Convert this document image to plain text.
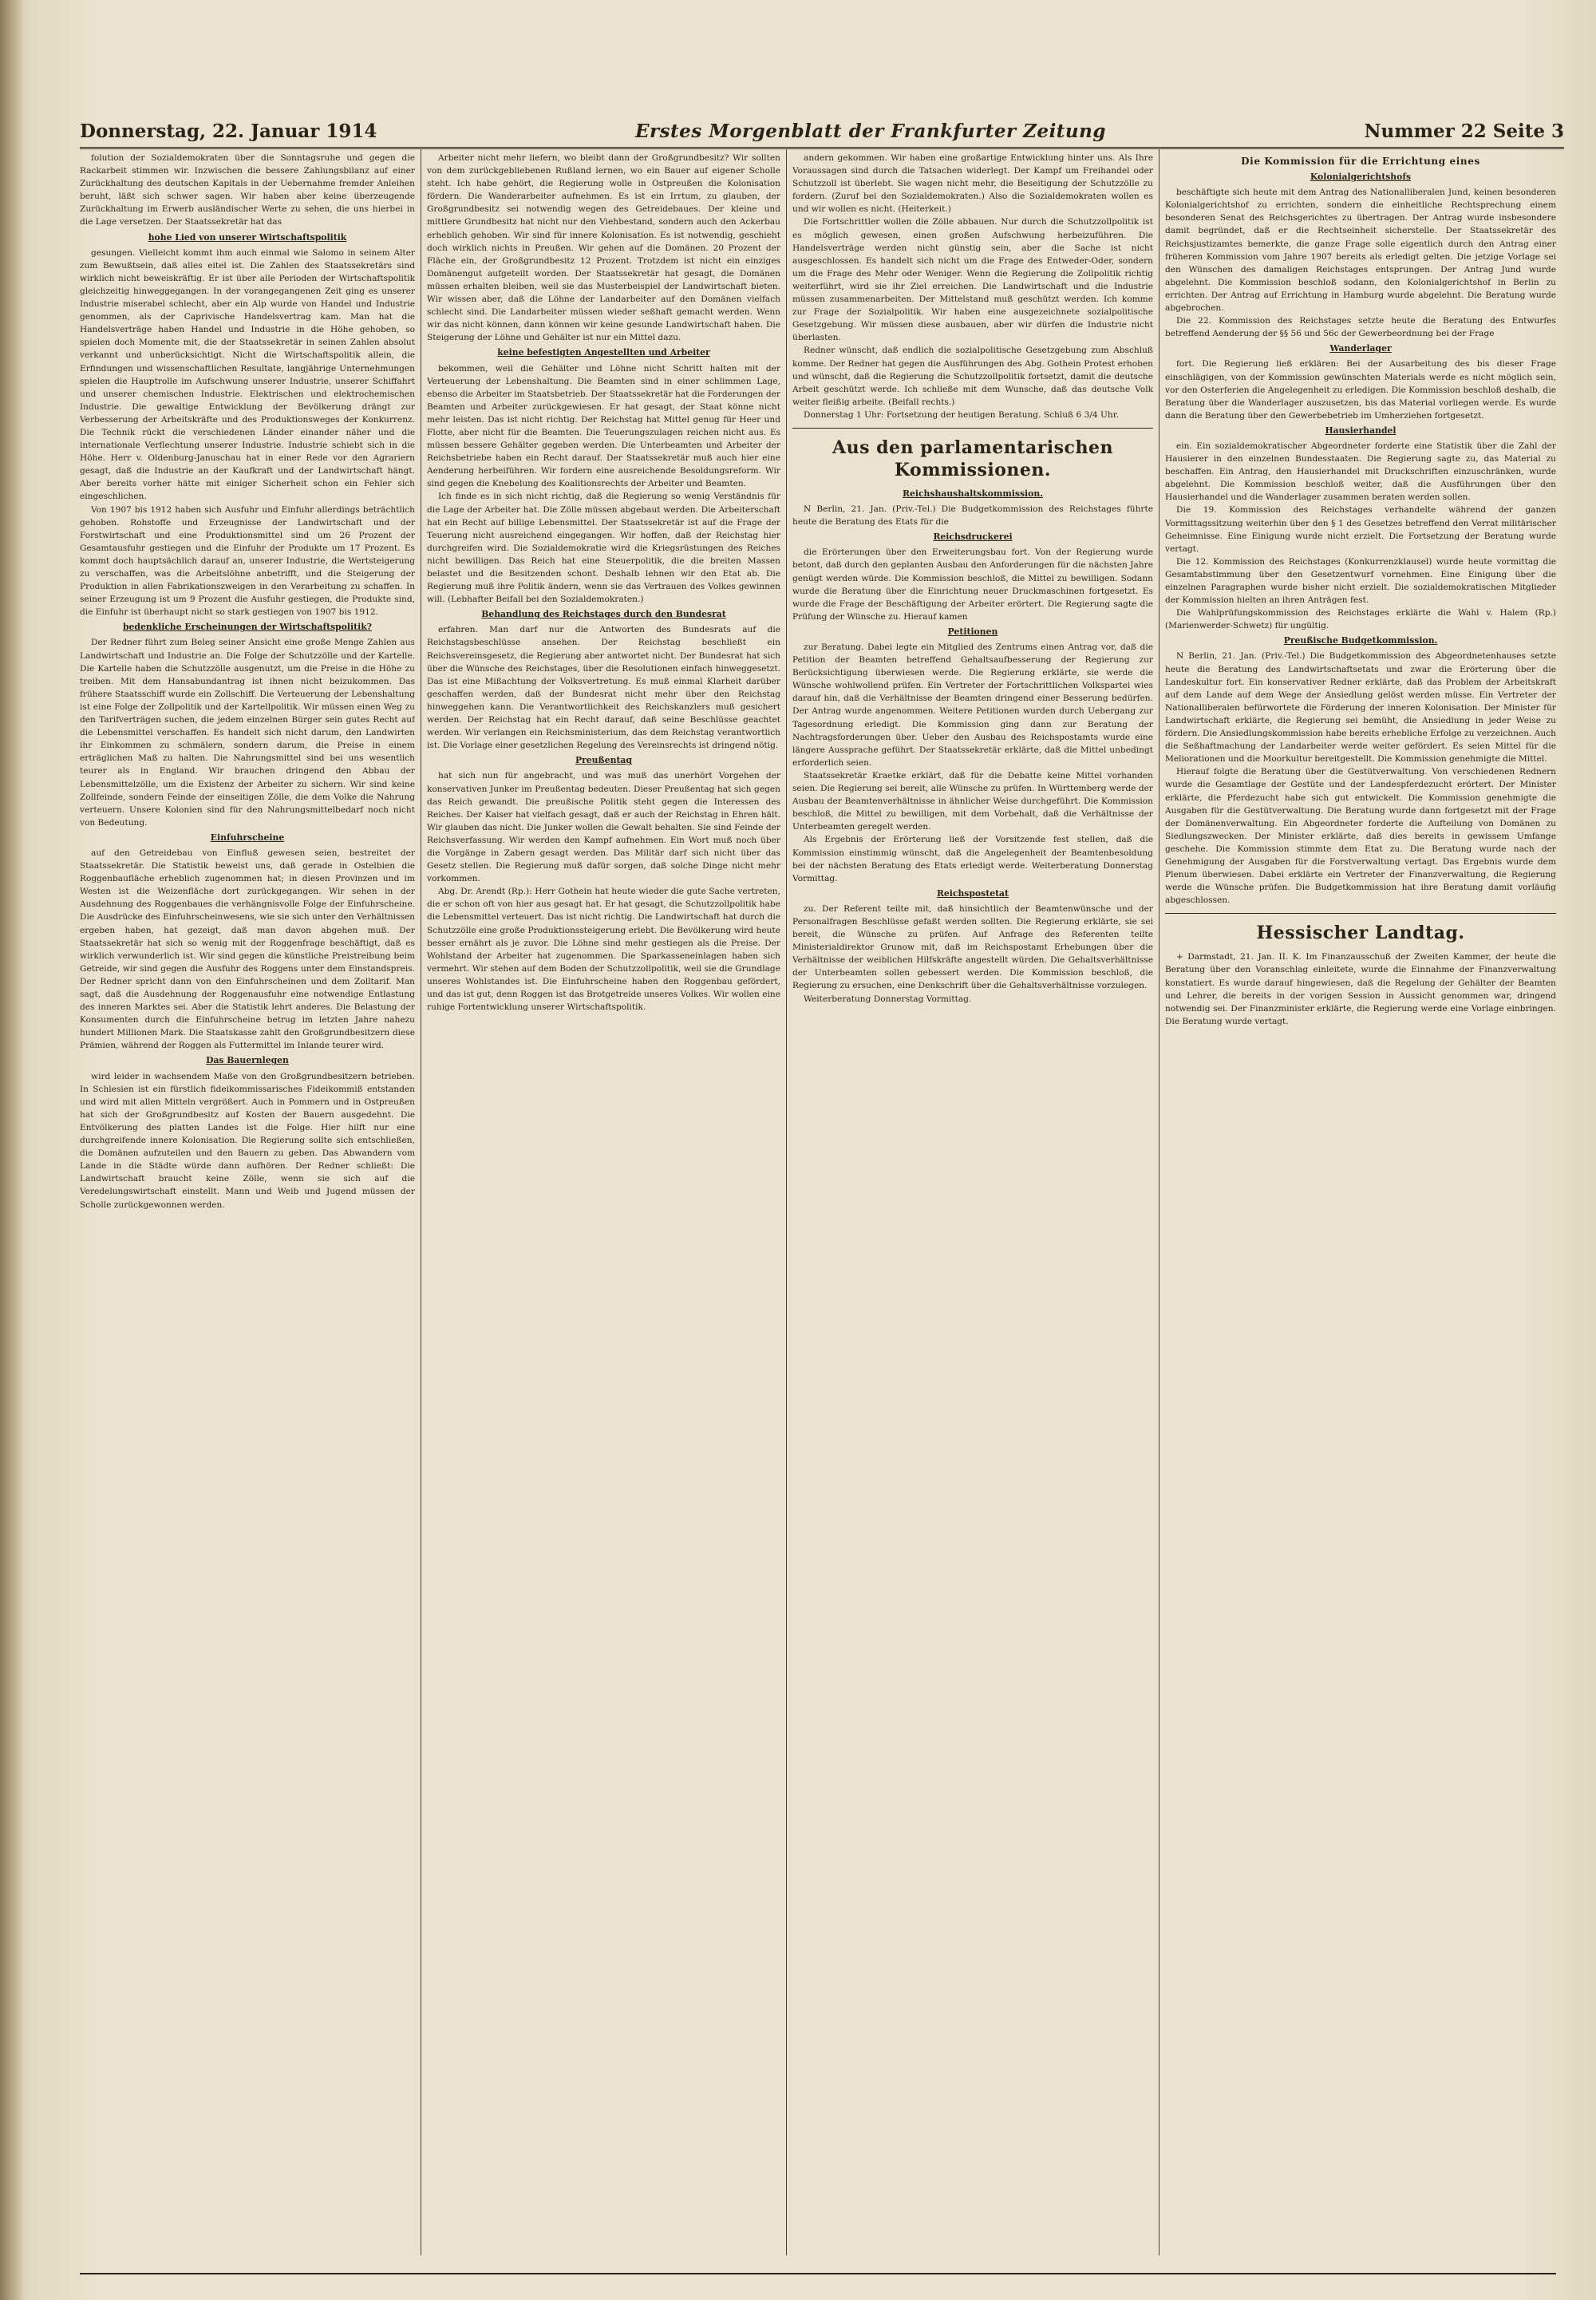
Donnerstag, 22. Januar 1914	Erstes Morgenblatt der Frankfurter Zeitung	Nummer 22 Seite 3

folution der Sozialdemokraten über die Sonntagsruhe und gegen die Rackarbeit stimmen wir. Inzwischen die bessere Zahlungsbilanz auf einer Zurückhaltung des deutschen Kapitals in der Uebernahme fremder Anleihen beruht, läßt sich schwer sagen. Wir haben aber keine überzeugende Zurückhaltung im Erwerb ausländischer Werte zu sehen, die uns hierbei in die Lage versetzen. Der Staatssekretär hat das

hohe Lied von unserer Wirtschaftspolitik

gesungen. Vielleicht kommt ihm auch einmal wie Salomo in seinem Alter zum Bewußtsein, daß alles eitel ist. Die Zahlen des Staatssekretärs sind wirklich nicht beweiskräftig. Er ist über alle Perioden der Wirtschaftspolitik gleichzeitig hinweggegangen. In der vorangegangenen Zeit ging es unserer Industrie miserabel schlecht, aber ein Alp wurde von Handel und Industrie genommen, als der Caprivische Handelsvertrag kam. Man hat die Handelsverträge haben Handel und Industrie in die Höhe gehoben, so spielen doch Momente mit, die der Staatssekretär in seinen Zahlen absolut verkannt und unberücksichtigt. Nicht die Wirtschaftspolitik allein, die Erfindungen und wissenschaftlichen Resultate, langjährige Unternehmungen spielen die Hauptrolle im Aufschwung unserer Industrie, unserer Schiffahrt und unserer chemischen Industrie. Elektrischen und elektrochemischen Industrie. Die gewaltige Entwicklung der Bevölkerung drängt zur Verbesserung der Arbeitskräfte und des Produktionsweges der Konkurrenz. Die Technik rückt die verschiedenen Länder einander näher und die internationale Verflechtung unserer Industrie. Industrie schiebt sich in die Höhe. Herr v. Oldenburg-Januschau hat in einer Rede vor den Agrariern gesagt, daß die Industrie an der Kaufkraft und der Landwirtschaft hängt. Aber bereits vorher hätte mit einiger Sicherheit schon ein Fehler sich eingeschlichen.

Von 1907 bis 1912 haben sich Ausfuhr und Einfuhr allerdings beträchtlich gehoben. Rohstoffe und Erzeugnisse der Landwirtschaft und der Forstwirtschaft und eine Produktionsmittel sind um 26 Prozent der Gesamtausfuhr gestiegen und die Einfuhr der Produkte um 17 Prozent. Es kommt doch hauptsächlich darauf an, unserer Industrie, die Wertsteigerung zu verschaffen, was die Arbeitslöhne anbetrifft, und die Steigerung der Produktion in allen Fabrikationszweigen in den Verarbeitung zu schaffen. In seiner Erzeugung ist um 9 Prozent die Ausfuhr gestiegen, die Produkte sind, die Einfuhr ist überhaupt nicht so stark gestiegen von 1907 bis 1912.

bedenkliche Erscheinungen der Wirtschaftspolitik?

Der Redner führt zum Beleg seiner Ansicht eine große Menge Zahlen aus Landwirtschaft und Industrie an. Die Folge der Schutzzölle und der Kartelle. Die Kartelle haben die Schutzzölle ausgenutzt, um die Preise in die Höhe zu treiben. Mit dem Hansabundantrag ist ihnen nicht beizukommen. Das frühere Staatsschiff wurde ein Zollschiff. Die Verteuerung der Lebenshaltung ist eine Folge der Zollpolitik und der Kartellpolitik. Wir müssen einen Weg zu den Tarifverträgen suchen, die jedem einzelnen Bürger sein gutes Recht auf die Lebensmittel verschaffen. Es handelt sich nicht darum, den Landwirten ihr Einkommen zu schmälern, sondern darum, die Preise in einem erträglichen Maß zu halten. Die Nahrungsmittel sind bei uns wesentlich teurer als in England. Wir brauchen dringend den Abbau der Lebensmittelzölle, um die Existenz der Arbeiter zu sichern. Wir sind keine Zollfeinde, sondern Feinde der einseitigen Zölle, die dem Volke die Nahrung verteuern. Unsere Kolonien sind für den Nahrungsmittelbedarf noch nicht von Bedeutung.

Einfuhrscheine

auf den Getreidebau von Einfluß gewesen seien, bestreitet der Staatssekretär. Die Statistik beweist uns, daß gerade in Ostelbien die Roggenbaufläche erheblich zugenommen hat; in diesen Provinzen und im Westen ist die Weizenfläche dort zurückgegangen. Wir sehen in der Ausdehnung des Roggenbaues die verhängnisvolle Folge der Einfuhrscheine. Die Ausdrücke des Einfuhrscheinwesens, wie sie sich unter den Verhältnissen ergeben haben, hat gezeigt, daß man davon abgehen muß. Der Staatssekretär hat sich so wenig mit der Roggenfrage beschäftigt, daß es wirklich verwunderlich ist. Wir sind gegen die künstliche Preistreibung beim Getreide, wir sind gegen die Ausfuhr des Roggens unter dem Einstandspreis. Der Redner spricht dann von den Einfuhrscheinen und dem Zolltarif. Man sagt, daß die Ausdehnung der Roggenausfuhr eine notwendige Entlastung des inneren Marktes sei. Aber die Statistik lehrt anderes. Die Belastung der Konsumenten durch die Einfuhrscheine betrug im letzten Jahre nahezu hundert Millionen Mark. Die Staatskasse zahlt den Großgrundbesitzern diese Prämien, während der Roggen als Futtermittel im Inlande teurer wird.

Das Bauernlegen

wird leider in wachsendem Maße von den Großgrundbesitzern betrieben. In Schlesien ist ein fürstlich fideikommissarisches Fideikommiß entstanden und wird mit allen Mitteln vergrößert. Auch in Pommern und in Ostpreußen hat sich der Großgrundbesitz auf Kosten der Bauern ausgedehnt. Die Entvölkerung des platten Landes ist die Folge. Hier hilft nur eine durchgreifende innere Kolonisation. Die Regierung sollte sich entschließen, die Domänen aufzuteilen und den Bauern zu geben. Das Abwandern vom Lande in die Städte würde dann aufhören. Der Redner schließt: Die Landwirtschaft braucht keine Zölle, wenn sie sich auf die Veredelungswirtschaft einstellt. Mann und Weib und Jugend müssen der Scholle zurückgewonnen werden.

Arbeiter nicht mehr liefern, wo bleibt dann der Großgrundbesitz? Wir sollten von dem zurückgebliebenen Rußland lernen, wo ein Bauer auf eigener Scholle steht. Ich habe gehört, die Regierung wolle in Ostpreußen die Kolonisation fördern. Die Wanderarbeiter aufnehmen. Es ist ein Irrtum, zu glauben, der Großgrundbesitz sei notwendig wegen des Getreidebaues. Der kleine und mittlere Grundbesitz hat nicht nur den Viehbestand, sondern auch den Ackerbau erheblich gehoben. Wir sind für innere Kolonisation. Es ist notwendig, geschieht doch wirklich nichts in Preußen. Wir gehen auf die Domänen. 20 Prozent der Fläche ein, der Großgrundbesitz 12 Prozent. Trotzdem ist nicht ein einziges Domänengut aufgeteilt worden. Der Staatssekretär hat gesagt, die Domänen müssen erhalten bleiben, weil sie das Musterbeispiel der Landwirtschaft bieten. Wir wissen aber, daß die Löhne der Landarbeiter auf den Domänen vielfach schlecht sind. Die Landarbeiter müssen wieder seßhaft gemacht werden. Wenn wir das nicht können, dann können wir keine gesunde Landwirtschaft haben. Die Steigerung der Löhne und Gehälter ist nur ein Mittel dazu.

keine befestigten Angestellten und Arbeiter

bekommen, weil die Gehälter und Löhne nicht Schritt halten mit der Verteuerung der Lebenshaltung. Die Beamten sind in einer schlimmen Lage, ebenso die Arbeiter im Staatsbetrieb. Der Staatssekretär hat die Forderungen der Beamten und Arbeiter zurückgewiesen. Er hat gesagt, der Staat könne nicht mehr leisten. Das ist nicht richtig. Der Reichstag hat Mittel genug für Heer und Flotte, aber nicht für die Beamten. Die Teuerungszulagen reichen nicht aus. Es müssen bessere Gehälter gegeben werden. Die Unterbeamten und Arbeiter der Reichsbetriebe haben ein Recht darauf. Der Staatssekretär muß auch hier eine Aenderung herbeiführen. Wir fordern eine ausreichende Besoldungsreform. Wir sind gegen die Knebelung des Koalitionsrechts der Arbeiter und Beamten.

Ich finde es in sich nicht richtig, daß die Regierung so wenig Verständnis für die Lage der Arbeiter hat. Die Zölle müssen abgebaut werden. Die Arbeiterschaft hat ein Recht auf billige Lebensmittel. Der Staatssekretär ist auf die Frage der Teuerung nicht ausreichend eingegangen. Wir hoffen, daß der Reichstag hier durchgreifen wird. Die Sozialdemokratie wird die Kriegsrüstungen des Reiches nicht bewilligen. Das Reich hat eine Steuerpolitik, die die breiten Massen belastet und die Besitzenden schont. Deshalb lehnen wir den Etat ab. Die Regierung muß ihre Politik ändern, wenn sie das Vertrauen des Volkes gewinnen will. (Lebhafter Beifall bei den Sozialdemokraten.)

Behandlung des Reichstages durch den Bundesrat

erfahren. Man darf nur die Antworten des Bundesrats auf die Reichstagsbeschlüsse ansehen. Der Reichstag beschließt ein Reichsvereinsgesetz, die Regierung aber antwortet nicht. Der Bundesrat hat sich über die Wünsche des Reichstages, über die Resolutionen einfach hinweggesetzt. Das ist eine Mißachtung der Volksvertretung. Es muß einmal Klarheit darüber geschaffen werden, daß der Bundesrat nicht mehr über den Reichstag hinweggehen kann. Die Verantwortlichkeit des Reichskanzlers muß gesichert werden. Der Reichstag hat ein Recht darauf, daß seine Beschlüsse geachtet werden. Wir verlangen ein Reichsministerium, das dem Reichstag verantwortlich ist. Die Vorlage einer gesetzlichen Regelung des Vereinsrechts ist dringend nötig.

Preußentag

hat sich nun für angebracht, und was muß das unerhört Vorgehen der konservativen Junker im Preußentag bedeuten. Dieser Preußentag hat sich gegen das Reich gewandt. Die preußische Politik steht gegen die Interessen des Reiches. Der Kaiser hat vielfach gesagt, daß er auch der Reichstag in Ehren hält. Wir glauben das nicht. Die Junker wollen die Gewalt behalten. Sie sind Feinde der Reichsverfassung. Wir werden den Kampf aufnehmen. Ein Wort muß noch über die Vorgänge in Zabern gesagt werden. Das Militär darf sich nicht über das Gesetz stellen. Die Regierung muß dafür sorgen, daß solche Dinge nicht mehr vorkommen.

Abg. Dr. Arendt (Rp.): Herr Gothein hat heute wieder die gute Sache vertreten, die er schon oft von hier aus gesagt hat. Er hat gesagt, die Schutzzollpolitik habe die Lebensmittel verteuert. Das ist nicht richtig. Die Landwirtschaft hat durch die Schutzzölle eine große Produktionssteigerung erlebt. Die Bevölkerung wird heute besser ernährt als je zuvor. Die Löhne sind mehr gestiegen als die Preise. Der Wohlstand der Arbeiter hat zugenommen. Die Sparkasseneinlagen haben sich vermehrt. Wir stehen auf dem Boden der Schutzzollpolitik, weil sie die Grundlage unseres Wohlstandes ist. Die Einfuhrscheine haben den Roggenbau gefördert, und das ist gut, denn Roggen ist das Brotgetreide unseres Volkes. Wir wollen eine ruhige Fortentwicklung unserer Wirtschaftspolitik.

andern gekommen. Wir haben eine großartige Entwicklung hinter uns. Als Ihre Voraussagen sind durch die Tatsachen widerlegt. Der Kampf um Freihandel oder Schutzzoll ist überlebt. Sie wagen nicht mehr, die Beseitigung der Schutzzölle zu fordern. (Zuruf bei den Sozialdemokraten.) Also die Sozialdemokraten wollen es und wir wollen es nicht. (Heiterkeit.)

Die Fortschrittler wollen die Zölle abbauen. Nur durch die Schutzzollpolitik ist es möglich gewesen, einen großen Aufschwung herbeizuführen. Die Handelsverträge werden nicht günstig sein, aber die Sache ist nicht ausgeschlossen. Es handelt sich nicht um die Frage des Entweder-Oder, sondern um die Frage des Mehr oder Weniger. Wenn die Regierung die Zollpolitik richtig weiterführt, wird sie ihr Ziel erreichen. Die Landwirtschaft und die Industrie müssen zusammenarbeiten. Der Mittelstand muß geschützt werden. Ich komme zur Frage der Sozialpolitik. Wir haben eine ausgezeichnete sozialpolitische Gesetzgebung. Wir müssen diese ausbauen, aber wir dürfen die Industrie nicht überlasten.

Redner wünscht, daß endlich die sozialpolitische Gesetzgebung zum Abschluß komme. Der Redner hat gegen die Ausführungen des Abg. Gothein Protest erhoben und wünscht, daß die Regierung die Schutzzollpolitik fortsetzt, damit die deutsche Arbeit geschützt werde. Ich schließe mit dem Wunsche, daß das deutsche Volk weiter fleißig arbeite. (Beifall rechts.)

Donnerstag 1 Uhr: Fortsetzung der heutigen Beratung. Schluß 6 3/4 Uhr.

Aus den parlamentarischen Kommissionen.
Reichshaushaltskommission.

N Berlin, 21. Jan. (Priv.-Tel.) Die Budgetkommission des Reichstages führte heute die Beratung des Etats für die

Reichsdruckerei

die Erörterungen über den Erweiterungsbau fort. Von der Regierung wurde betont, daß durch den geplanten Ausbau den Anforderungen für die nächsten Jahre genügt werden würde. Die Kommission beschloß, die Mittel zu bewilligen. Sodann wurde die Beratung über die Einrichtung neuer Druckmaschinen fortgesetzt. Es wurde die Frage der Beschäftigung der Arbeiter erörtert. Die Regierung sagte die Prüfung der Wünsche zu. Hierauf kamen

Petitionen

zur Beratung. Dabei legte ein Mitglied des Zentrums einen Antrag vor, daß die Petition der Beamten betreffend Gehaltsaufbesserung der Regierung zur Berücksichtigung überwiesen werde. Die Regierung erklärte, sie werde die Wünsche wohlwollend prüfen. Ein Vertreter der Fortschrittlichen Volkspartei wies darauf hin, daß die Verhältnisse der Beamten dringend einer Besserung bedürfen. Der Antrag wurde angenommen. Weitere Petitionen wurden durch Uebergang zur Tagesordnung erledigt. Die Kommission ging dann zur Beratung der Nachtragsforderungen über. Ueber den Ausbau des Reichspostamts wurde eine längere Aussprache geführt. Der Staatssekretär erklärte, daß die Mittel unbedingt erforderlich seien.

Staatssekretär Kraetke erklärt, daß für die Debatte keine Mittel vorhanden seien. Die Regierung sei bereit, alle Wünsche zu prüfen. In Württemberg werde der Ausbau der Beamtenverhältnisse in ähnlicher Weise durchgeführt. Die Kommission beschloß, die Mittel zu bewilligen, mit dem Vorbehalt, daß die Verhältnisse der Unterbeamten geregelt werden.

Als Ergebnis der Erörterung ließ der Vorsitzende fest stellen, daß die Kommission einstimmig wünscht, daß die Angelegenheit der Beamtenbesoldung bei der nächsten Beratung des Etats erledigt werde. Weiterberatung Donnerstag Vormittag.

Reichspostetat

zu. Der Referent teilte mit, daß hinsichtlich der Beamtenwünsche und der Personalfragen Beschlüsse gefaßt werden sollten. Die Regierung erklärte, sie sei bereit, die Wünsche zu prüfen. Auf Anfrage des Referenten teilte Ministerialdirektor Grunow mit, daß im Reichspostamt Erhebungen über die Verhältnisse der weiblichen Hilfskräfte angestellt würden. Die Gehaltsverhältnisse der Unterbeamten sollen gebessert werden. Die Kommission beschloß, die Regierung zu ersuchen, eine Denkschrift über die Gehaltsverhältnisse vorzulegen.

Weiterberatung Donnerstag Vormittag.

Die Kommission für die Errichtung eines
Kolonialgerichtshofs

beschäftigte sich heute mit dem Antrag des Nationalliberalen Jund, keinen besonderen Kolonialgerichtshof zu errichten, sondern die einheitliche Rechtsprechung einem besonderen Senat des Reichsgerichtes zu übertragen. Der Antrag wurde insbesondere damit begründet, daß er die Rechtseinheit sicherstelle. Der Staatssekretär des Reichsjustizamtes bemerkte, die ganze Frage solle eigentlich durch den Antrag einer früheren Kommission vom Jahre 1907 bereits als erledigt gelten. Die jetzige Vorlage sei den Wünschen des damaligen Reichstages entsprungen. Der Antrag Jund wurde abgelehnt. Die Kommission beschloß sodann, den Kolonialgerichtshof in Berlin zu errichten. Der Antrag auf Errichtung in Hamburg wurde abgelehnt. Die Beratung wurde abgebrochen.

Die 22. Kommission des Reichstages setzte heute die Beratung des Entwurfes betreffend Aenderung der §§ 56 und 56c der Gewerbeordnung bei der Frage

Wanderlager

fort. Die Regierung ließ erklären: Bei der Ausarbeitung des bis dieser Frage einschlägigen, von der Kommission gewünschten Materials werde es nicht möglich sein, vor den Osterferien die Angelegenheit zu erledigen. Die Kommission beschloß deshalb, die Beratung über die Wanderlager auszusetzen, bis das Material vorliegen werde. Es wurde dann die Beratung über den Gewerbebetrieb im Umherziehen fortgesetzt.

Hausierhandel

ein. Ein sozialdemokratischer Abgeordneter forderte eine Statistik über die Zahl der Hausierer in den einzelnen Bundesstaaten. Die Regierung sagte zu, das Material zu beschaffen. Ein Antrag, den Hausierhandel mit Druckschriften einzuschränken, wurde abgelehnt. Die Kommission beschloß weiter, daß die Ausführungen über den Hausierhandel und die Wanderlager zusammen beraten werden sollen.

Die 19. Kommission des Reichstages verhandelte während der ganzen Vormittagssitzung weiterhin über den § 1 des Gesetzes betreffend den Verrat militärischer Geheimnisse. Eine Einigung wurde nicht erzielt. Die Fortsetzung der Beratung wurde vertagt.

Die 12. Kommission des Reichstages (Konkurrenzklausel) wurde heute vormittag die Gesamtabstimmung über den Gesetzentwurf vornehmen. Eine Einigung über die einzelnen Paragraphen wurde bisher nicht erzielt. Die sozialdemokratischen Mitglieder der Kommission hielten an ihren Anträgen fest.

Die Wahlprüfungskommission des Reichstages erklärte die Wahl v. Halem (Rp.) (Marienwerder-Schwetz) für ungültig.

Preußische Budgetkommission.

N Berlin, 21. Jan. (Priv.-Tel.) Die Budgetkommission des Abgeordnetenhauses setzte heute die Beratung des Landwirtschaftsetats und zwar die Erörterung über die Landeskultur fort. Ein konservativer Redner erklärte, daß das Problem der Arbeitskraft auf dem Lande auf dem Wege der Ansiedlung gelöst werden müsse. Ein Vertreter der Nationalliberalen befürwortete die Förderung der inneren Kolonisation. Der Minister für Landwirtschaft erklärte, die Regierung sei bemüht, die Ansiedlung in jeder Weise zu fördern. Die Ansiedlungskommission habe bereits erhebliche Erfolge zu verzeichnen. Auch die Seßhaftmachung der Landarbeiter werde weiter gefördert. Es seien Mittel für die Meliorationen und die Moorkultur bereitgestellt. Die Kommission genehmigte die Mittel.

Hierauf folgte die Beratung über die Gestütverwaltung. Von verschiedenen Rednern wurde die Gesamtlage der Gestüte und der Landespferdezucht erörtert. Der Minister erklärte, die Pferdezucht habe sich gut entwickelt. Die Kommission genehmigte die Ausgaben für die Gestütverwaltung. Die Beratung wurde dann fortgesetzt mit der Frage der Domänenverwaltung. Ein Abgeordneter forderte die Aufteilung von Domänen zu Siedlungszwecken. Der Minister erklärte, daß dies bereits in gewissem Umfange geschehe. Die Kommission stimmte dem Etat zu. Die Beratung wurde nach der Genehmigung der Ausgaben für die Forstverwaltung vertagt. Das Ergebnis wurde dem Plenum überwiesen. Dabei erklärte ein Vertreter der Finanzverwaltung, die Regierung werde die Wünsche prüfen. Die Budgetkommission hat ihre Beratung damit vorläufig abgeschlossen.

Hessischer Landtag.

+ Darmstadt, 21. Jan. II. K. Im Finanzausschuß der Zweiten Kammer, der heute die Beratung über den Voranschlag einleitete, wurde die Einnahme der Finanzverwaltung konstatiert. Es wurde darauf hingewiesen, daß die Regelung der Gehälter der Beamten und Lehrer, die bereits in der vorigen Session in Aussicht genommen war, dringend notwendig sei. Der Finanzminister erklärte, die Regierung werde eine Vorlage einbringen. Die Beratung wurde vertagt.
